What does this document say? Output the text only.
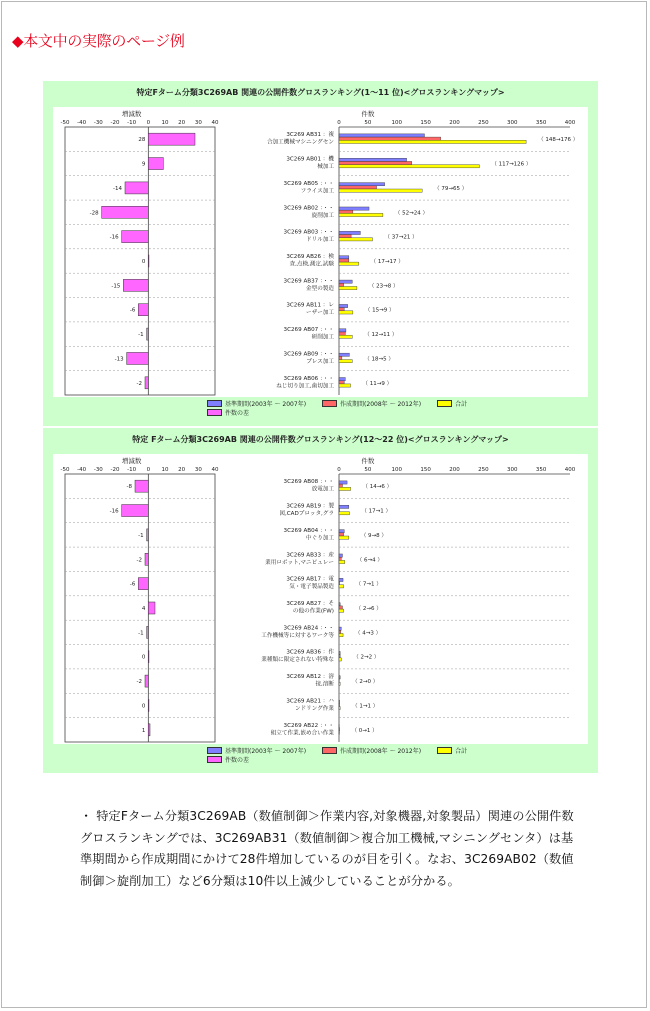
◆本文中の実際のページ例
特定Fターム分類3C269AB 関連の公開件数グロスランキング(1～11 位)<グロスランキングマップ>
増減数	件数
-50 -40 -30 -20 -10 0 10 20 30 40	0	50	100	150	200	250	300	350	400
28
3C269 AB31 ：複
合加工機械マシニングセン	（ 148→176 ）
9
3C269 AB01 ：機
械加工	（ 117→126 ）
-14
3C269 AB05 ：・・
フライス加工	（ 79→65 ）
-28
3C269 AB02 ：・・
旋削加工	（ 52→24 ）
-16
3C269 AB03 ：・・
ドリル加工	（ 37→21 ）
0
3C269 AB26 ：検
査,点検,測定,試験	（ 17→17 ）
-15
3C269 AB37 ：・・
金型の製造	（ 23→8 ）
-6
3C269 AB11 ：レ
ーザー加工	（ 15→9 ）
-1
3C269 AB07 ：・・
研削加工	（ 12→11 ）
-13
3C269 AB09 ：・・
プレス加工	（ 18→5 ）
-2
3C269 AB06 ：・・
ねじ切り加工,歯切加工	（ 11→9 ）
基準期間(2003年 ～ 2007年)	作成期間(2008年 ～ 2012年)	合計
件数の差
特定 Fターム分類3C269AB 関連の公開件数グロスランキング(12～22 位)<グロスランキングマップ>
増減数	件数
-50 -40 -30 -20 -10 0 10 20 30 40	0	50	100	150	200	250	300	350	400
-8
3C269 AB08 ：・・
放電加工	（ 14→6 ）
-16
3C269 AB19 ：製
図,CADプロッタ,グラ	（ 17→1 ）
-1
3C269 AB04 ：・・
中ぐり加工	（ 9→8 ）
-2
3C269 AB33 ：産
業用ロボット,マニピュレー	（ 6→4 ）
-6
3C269 AB17 ：電
気・電子製品製造	（ 7→1 ）
4
3C269 AB27 ：そ
の他の作業(FW)	（ 2→6 ）
-1
3C269 AB24 ：・・
工作機械等に対するワーク等	（ 4→3 ）
0
3C269 AB36 ：作
業種類に限定されない特殊な	（ 2→2 ）
-2
3C269 AB12 ：溶
接,溶断	（ 2→0 ）
0
3C269 AB21 ：ハ
ンドリング作業	（ 1→1 ）
1
3C269 AB22 ：・・
組立て作業,嵌め合い作業	（ 0→1 ）
基準期間(2003年 ～ 2007年)	作成期間(2008年 ～ 2012年)	合計
件数の差
・ 特定Fターム分類3C269AB（数値制御＞作業内容,対象機器,対象製品）関連の公開件数グロスランキングでは、3C269AB31（数値制御＞複合加工機械,マシニングセンタ）は基準期間から作成期間にかけて28件増加しているのが目を引く。なお、3C269AB02（数値制御＞旋削加工）など6分類は10件以上減少していることが分かる。
